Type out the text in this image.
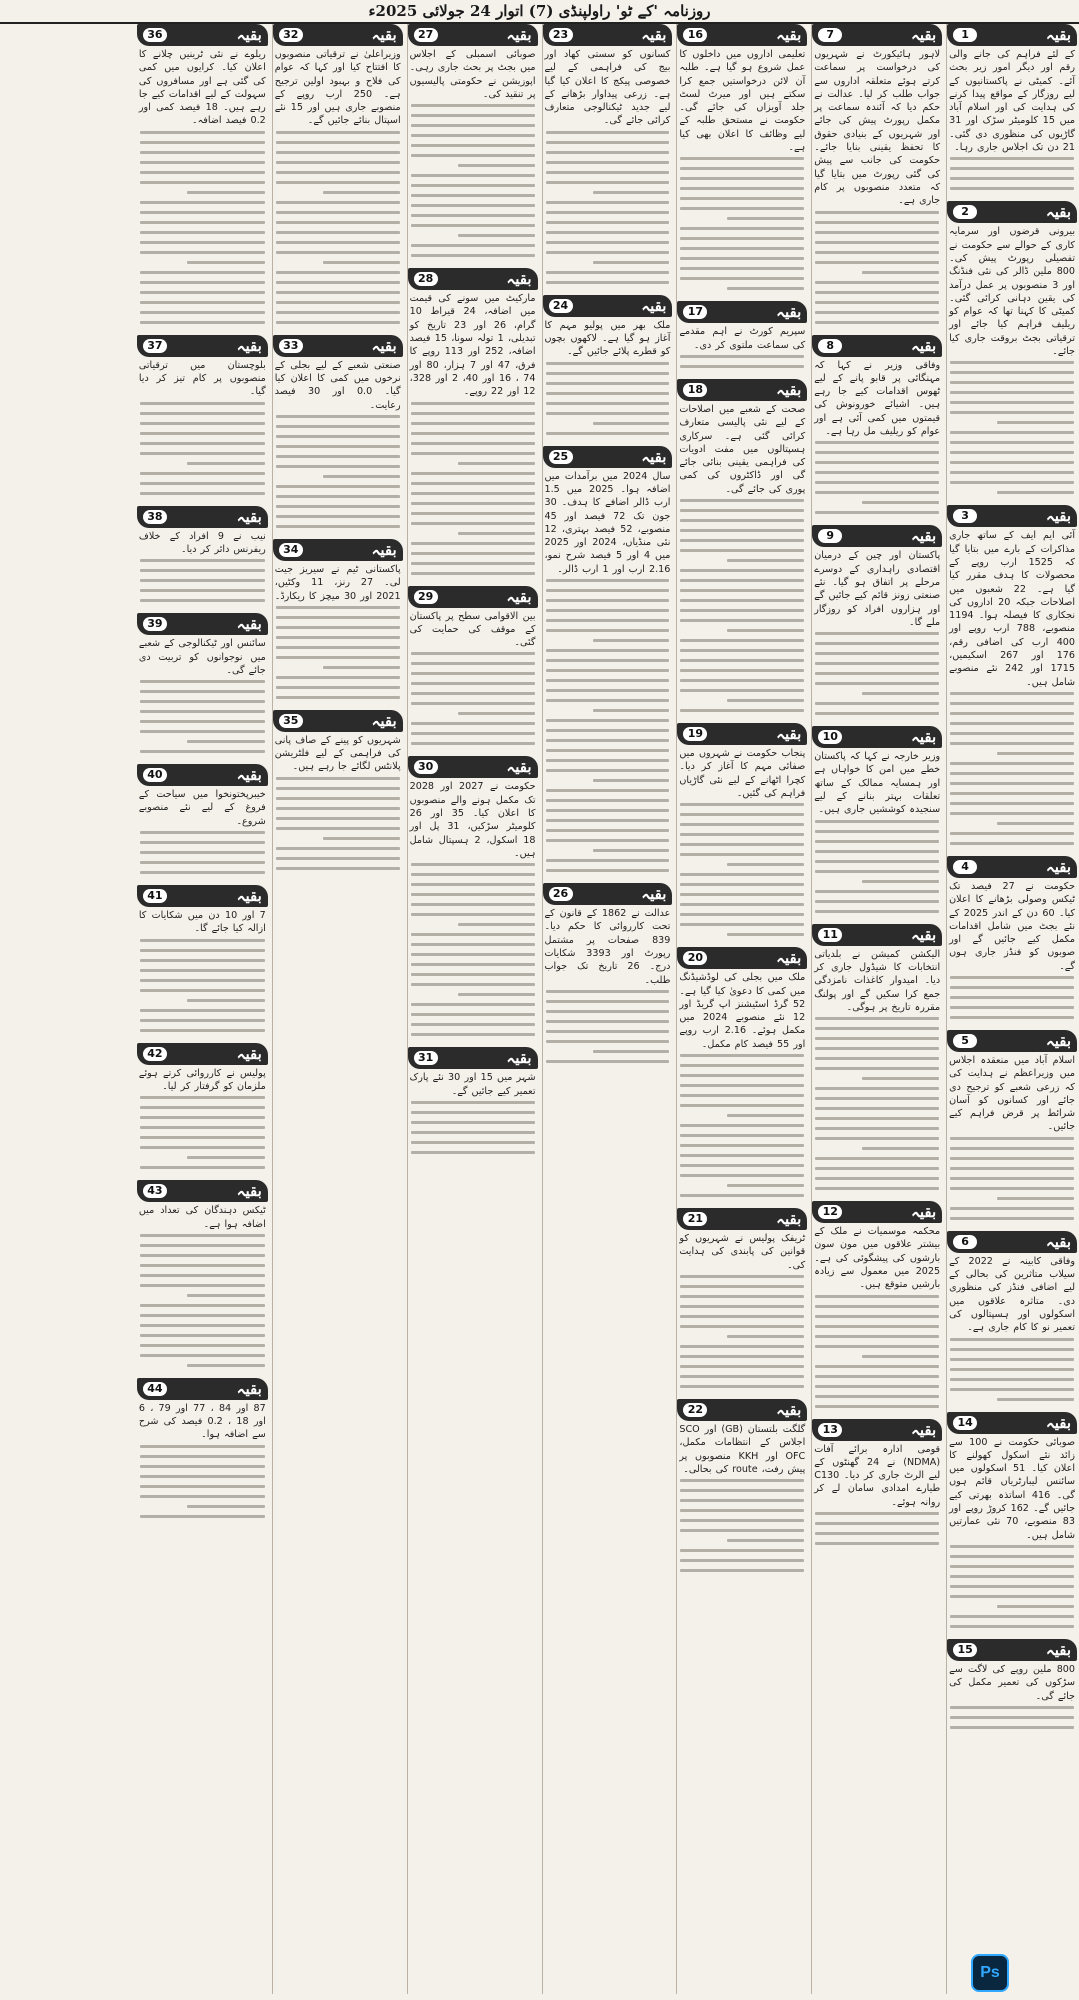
روزنامہ 'کے ٹو' راولپنڈی (7) اتوار 24 جولائی 2025ء
بقیہ
1
کے لئے فراہم کی جانے والی رقم اور دیگر امور زیر بحث آئے۔ کمیٹی نے پاکستانیوں کے لیے روزگار کے مواقع پیدا کرنے کی ہدایت کی اور اسلام آباد میں 15 کلومیٹر سڑک اور 31 گاڑیوں کی منظوری دی گئی۔ 21 دن تک اجلاس جاری رہا۔
بقیہ
2
بیرونی قرضوں اور سرمایہ کاری کے حوالے سے حکومت نے تفصیلی رپورٹ پیش کی۔ 800 ملین ڈالر کی نئی فنڈنگ اور 3 منصوبوں پر عمل درآمد کی یقین دہانی کرائی گئی۔ کمیٹی کا کہنا تھا کہ عوام کو ریلیف فراہم کیا جائے اور ترقیاتی بجٹ بروقت جاری کیا جائے۔
بقیہ
3
آئی ایم ایف کے ساتھ جاری مذاکرات کے بارے میں بتایا گیا کہ 1525 ارب روپے کے محصولات کا ہدف مقرر کیا گیا ہے۔ 22 شعبوں میں اصلاحات جبکہ 20 اداروں کی نجکاری کا فیصلہ ہوا۔ 1194 منصوبے، 788 ارب روپے اور 400 ارب کی اضافی رقم، 176 اور 267 اسکیمیں، 1715 اور 242 نئے منصوبے شامل ہیں۔
بقیہ
4
حکومت نے 27 فیصد تک ٹیکس وصولی بڑھانے کا اعلان کیا۔ 60 دن کے اندر 2025 کے نئے بجٹ میں شامل اقدامات مکمل کیے جائیں گے اور صوبوں کو فنڈز جاری ہوں گے۔
بقیہ
5
اسلام آباد میں منعقدہ اجلاس میں وزیراعظم نے ہدایت کی کہ زرعی شعبے کو ترجیح دی جائے اور کسانوں کو آسان شرائط پر قرض فراہم کیے جائیں۔
بقیہ
6
وفاقی کابینہ نے 2022 کے سیلاب متاثرین کی بحالی کے لیے اضافی فنڈز کی منظوری دی۔ متاثرہ علاقوں میں اسکولوں اور ہسپتالوں کی تعمیر نو کا کام جاری ہے۔
بقیہ
14
صوبائی حکومت نے 100 سے زائد نئے اسکول کھولنے کا اعلان کیا۔ 51 اسکولوں میں سائنس لیبارٹریاں قائم ہوں گی۔ 416 اساتذہ بھرتی کیے جائیں گے۔ 162 کروڑ روپے اور 83 منصوبے، 70 نئی عمارتیں شامل ہیں۔
بقیہ
15
800 ملین روپے کی لاگت سے سڑکوں کی تعمیر مکمل کی جائے گی۔
بقیہ
7
لاہور ہائیکورٹ نے شہریوں کی درخواست پر سماعت کرتے ہوئے متعلقہ اداروں سے جواب طلب کر لیا۔ عدالت نے حکم دیا کہ آئندہ سماعت پر مکمل رپورٹ پیش کی جائے اور شہریوں کے بنیادی حقوق کا تحفظ یقینی بنایا جائے۔ حکومت کی جانب سے پیش کی گئی رپورٹ میں بتایا گیا کہ متعدد منصوبوں پر کام جاری ہے۔
بقیہ
8
وفاقی وزیر نے کہا کہ مہنگائی پر قابو پانے کے لیے ٹھوس اقدامات کیے جا رہے ہیں۔ اشیائے خورونوش کی قیمتوں میں کمی آئی ہے اور عوام کو ریلیف مل رہا ہے۔
بقیہ
9
پاکستان اور چین کے درمیان اقتصادی راہداری کے دوسرے مرحلے پر اتفاق ہو گیا۔ نئے صنعتی زونز قائم کیے جائیں گے اور ہزاروں افراد کو روزگار ملے گا۔
بقیہ
10
وزیر خارجہ نے کہا کہ پاکستان خطے میں امن کا خواہاں ہے اور ہمسایہ ممالک کے ساتھ تعلقات بہتر بنانے کے لیے سنجیدہ کوششیں جاری ہیں۔
بقیہ
11
الیکشن کمیشن نے بلدیاتی انتخابات کا شیڈول جاری کر دیا۔ امیدوار کاغذات نامزدگی جمع کرا سکیں گے اور پولنگ مقررہ تاریخ پر ہوگی۔
بقیہ
12
محکمہ موسمیات نے ملک کے بیشتر علاقوں میں مون سون بارشوں کی پیشگوئی کی ہے۔ 2025 میں معمول سے زیادہ بارشیں متوقع ہیں۔
بقیہ
13
قومی ادارہ برائے آفات (NDMA) نے 24 گھنٹوں کے لیے الرٹ جاری کر دیا۔ C130 طیارے امدادی سامان لے کر روانہ ہوئے۔
بقیہ
16
تعلیمی اداروں میں داخلوں کا عمل شروع ہو گیا ہے۔ طلبہ آن لائن درخواستیں جمع کرا سکتے ہیں اور میرٹ لسٹ جلد آویزاں کی جائے گی۔ حکومت نے مستحق طلبہ کے لیے وظائف کا اعلان بھی کیا ہے۔
بقیہ
17
سپریم کورٹ نے اہم مقدمے کی سماعت ملتوی کر دی۔
بقیہ
18
صحت کے شعبے میں اصلاحات کے لیے نئی پالیسی متعارف کرائی گئی ہے۔ سرکاری ہسپتالوں میں مفت ادویات کی فراہمی یقینی بنائی جائے گی اور ڈاکٹروں کی کمی پوری کی جائے گی۔
بقیہ
19
پنجاب حکومت نے شہروں میں صفائی مہم کا آغاز کر دیا۔ کچرا اٹھانے کے لیے نئی گاڑیاں فراہم کی گئیں۔
بقیہ
20
ملک میں بجلی کی لوڈشیڈنگ میں کمی کا دعویٰ کیا گیا ہے۔ 52 گرڈ اسٹیشنز اپ گریڈ اور 12 نئے منصوبے 2024 میں مکمل ہوئے۔ 2.16 ارب روپے اور 55 فیصد کام مکمل۔
بقیہ
21
ٹریفک پولیس نے شہریوں کو قوانین کی پابندی کی ہدایت کی۔
بقیہ
22
گلگت بلتستان (GB) اور SCO اجلاس کے انتظامات مکمل، OFC اور KKH منصوبوں پر پیش رفت، route کی بحالی۔
بقیہ
23
کسانوں کو سستی کھاد اور بیج کی فراہمی کے لیے خصوصی پیکج کا اعلان کیا گیا ہے۔ زرعی پیداوار بڑھانے کے لیے جدید ٹیکنالوجی متعارف کرائی جائے گی۔
بقیہ
24
ملک بھر میں پولیو مہم کا آغاز ہو گیا ہے۔ لاکھوں بچوں کو قطرے پلائے جائیں گے۔
بقیہ
25
سال 2024 میں برآمدات میں اضافہ ہوا۔ 2025 میں 1.5 ارب ڈالر اضافے کا ہدف۔ 30 جون تک 72 فیصد اور 45 منصوبے، 52 فیصد بہتری، 12 نئی منڈیاں، 2024 اور 2025 میں 4 اور 5 فیصد شرح نمو، 2.16 ارب اور 1 ارب ڈالر۔
بقیہ
26
عدالت نے 1862 کے قانون کے تحت کارروائی کا حکم دیا۔ 839 صفحات پر مشتمل رپورٹ اور 3393 شکایات درج۔ 26 تاریخ تک جواب طلب۔
بقیہ
27
صوبائی اسمبلی کے اجلاس میں بجٹ پر بحث جاری رہی۔ اپوزیشن نے حکومتی پالیسیوں پر تنقید کی۔
بقیہ
28
مارکیٹ میں سونے کی قیمت میں اضافہ، 24 قیراط 10 گرام، 26 اور 23 تاریخ کو تبدیلی، 1 تولہ سونا، 15 فیصد اضافہ، 252 اور 113 روپے کا فرق، 47 اور 7 ہزار، 80 اور 74 ، 16 اور 40، 2 اور 328، 12 اور 22 روپے۔
بقیہ
29
بین الاقوامی سطح پر پاکستان کے موقف کی حمایت کی گئی۔
بقیہ
30
حکومت نے 2027 اور 2028 تک مکمل ہونے والے منصوبوں کا اعلان کیا۔ 35 اور 26 کلومیٹر سڑکیں، 31 پل اور 18 اسکول، 2 ہسپتال شامل ہیں۔
بقیہ
31
شہر میں 15 اور 30 نئے پارک تعمیر کیے جائیں گے۔
بقیہ
32
وزیراعلیٰ نے ترقیاتی منصوبوں کا افتتاح کیا اور کہا کہ عوام کی فلاح و بہبود اولین ترجیح ہے۔ 250 ارب روپے کے منصوبے جاری ہیں اور 15 نئے اسپتال بنائے جائیں گے۔
بقیہ
33
صنعتی شعبے کے لیے بجلی کے نرخوں میں کمی کا اعلان کیا گیا۔ 0.0 اور 30 فیصد رعایت۔
بقیہ
34
پاکستانی ٹیم نے سیریز جیت لی۔ 27 رنز، 11 وکٹیں، 2021 اور 30 میچز کا ریکارڈ۔
بقیہ
35
شہریوں کو پینے کے صاف پانی کی فراہمی کے لیے فلٹریشن پلانٹس لگائے جا رہے ہیں۔
بقیہ
36
ریلوے نے نئی ٹرینیں چلانے کا اعلان کیا۔ کرایوں میں کمی کی گئی ہے اور مسافروں کی سہولت کے لیے اقدامات کیے جا رہے ہیں۔ 18 فیصد کمی اور 0.2 فیصد اضافہ۔
بقیہ
37
بلوچستان میں ترقیاتی منصوبوں پر کام تیز کر دیا گیا۔
بقیہ
38
نیب نے 9 افراد کے خلاف ریفرنس دائر کر دیا۔
بقیہ
39
سائنس اور ٹیکنالوجی کے شعبے میں نوجوانوں کو تربیت دی جائے گی۔
بقیہ
40
خیبرپختونخوا میں سیاحت کے فروغ کے لیے نئے منصوبے شروع۔
بقیہ
41
7 اور 10 دن میں شکایات کا ازالہ کیا جائے گا۔
بقیہ
42
پولیس نے کارروائی کرتے ہوئے ملزمان کو گرفتار کر لیا۔
بقیہ
43
ٹیکس دہندگان کی تعداد میں اضافہ ہوا ہے۔
بقیہ
44
87 اور 84 ، 77 اور 79 ، 6 اور 18 ، 0.2 فیصد کی شرح سے اضافہ ہوا۔
Ps
